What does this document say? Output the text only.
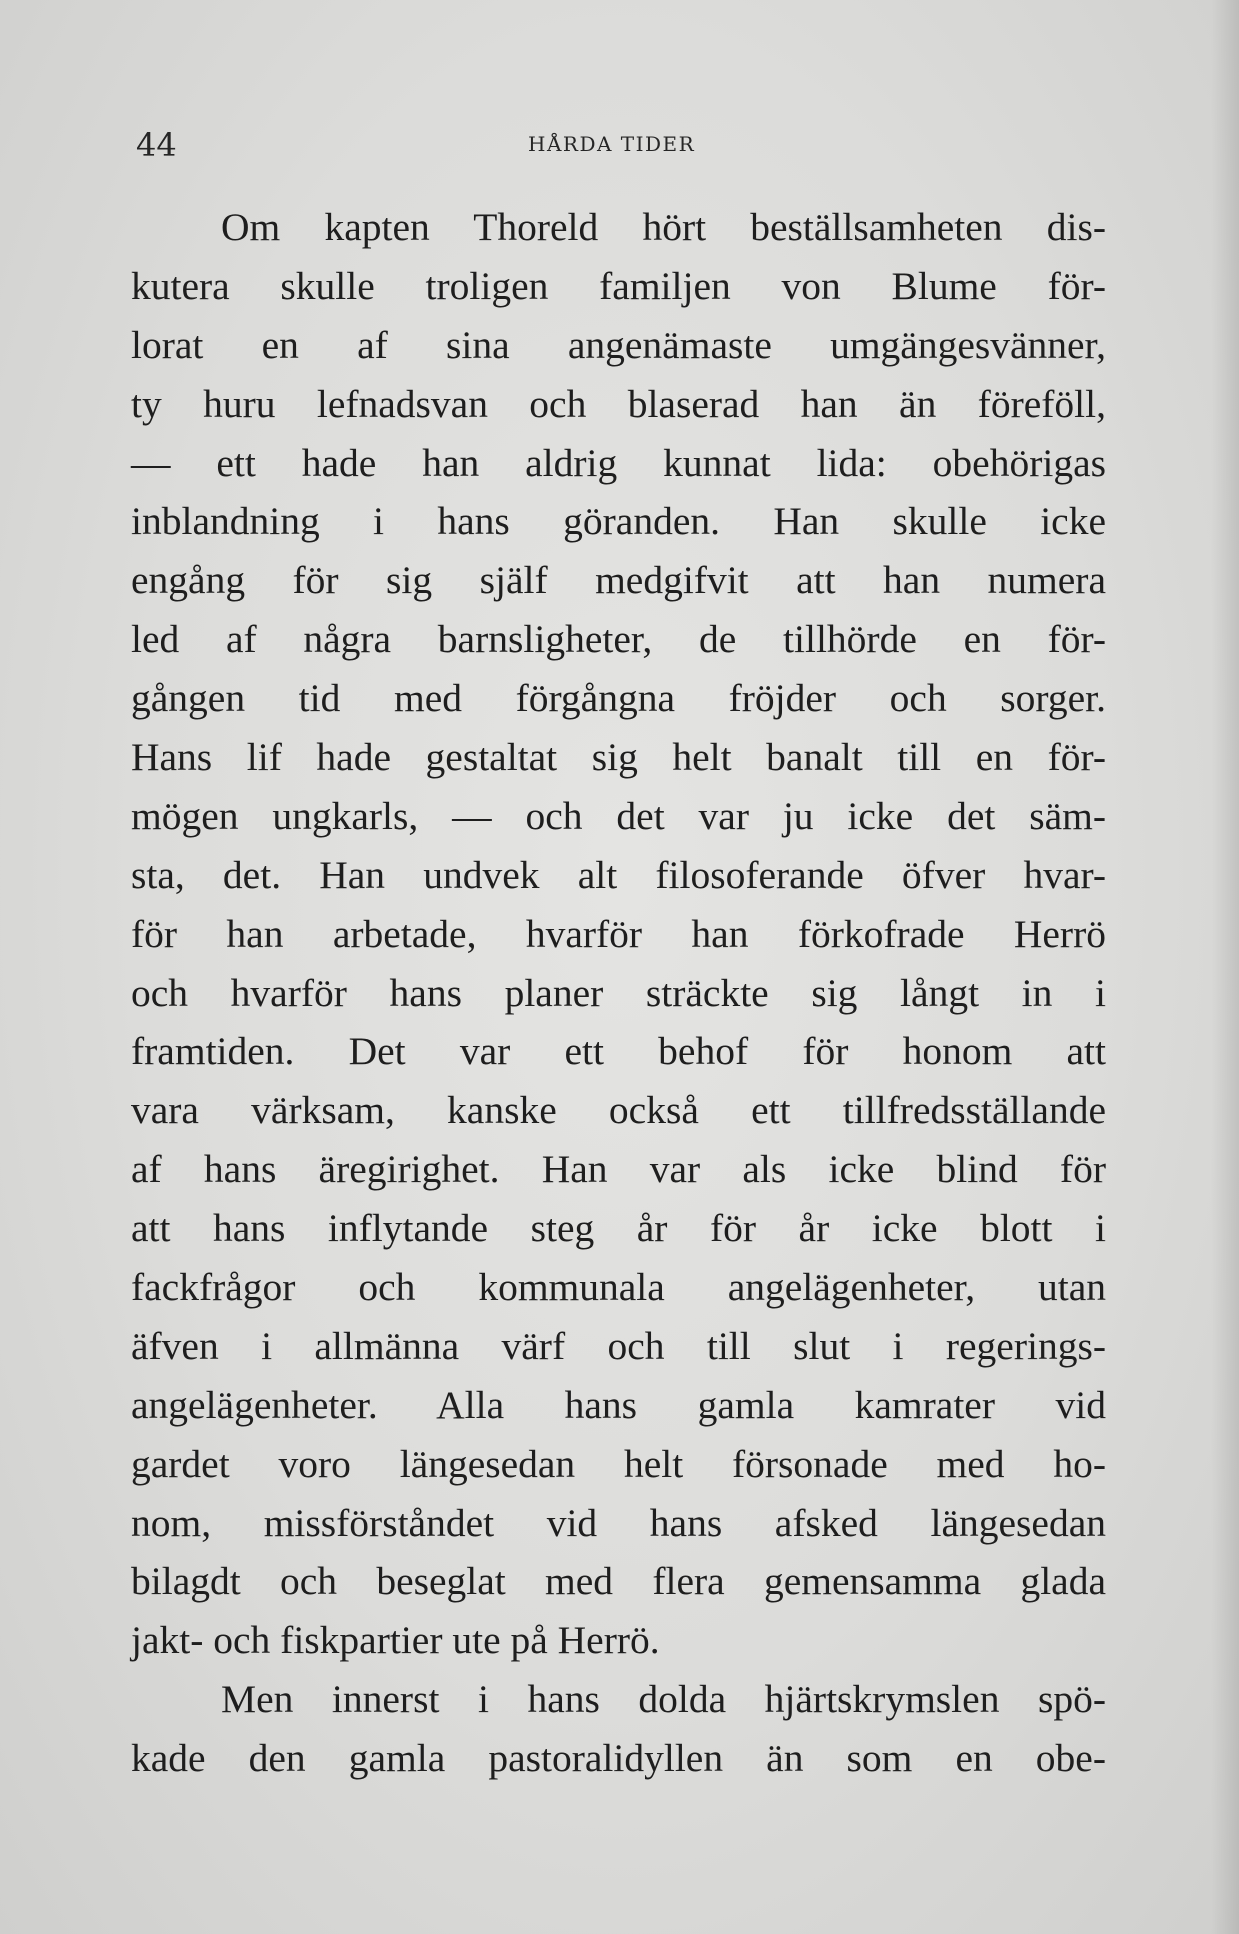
44	HÅRDA TIDER
Om kapten Thoreld hört beställsamheten dis-
kutera skulle troligen familjen von Blume för-
lorat en af sina angenämaste umgängesvänner,
ty huru lefnadsvan och blaserad han än föreföll,
— ett hade han aldrig kunnat lida: obehörigas
inblandning i hans göranden. Han skulle icke
engång för sig själf medgifvit att han numera
led af några barnsligheter, de tillhörde en för-
gången tid med förgångna fröjder och sorger.
Hans lif hade gestaltat sig helt banalt till en för-
mögen ungkarls, — och det var ju icke det säm-
sta, det. Han undvek alt filosoferande öfver hvar-
för han arbetade, hvarför han förkofrade Herrö
och hvarför hans planer sträckte sig långt in i
framtiden. Det var ett behof för honom att
vara värksam, kanske också ett tillfredsställande
af hans äregirighet. Han var als icke blind för
att hans inflytande steg år för år icke blott i
fackfrågor och kommunala angelägenheter, utan
äfven i allmänna värf och till slut i regerings-
angelägenheter. Alla hans gamla kamrater vid
gardet voro längesedan helt försonade med ho-
nom, missförståndet vid hans afsked längesedan
bilagdt och beseglat med flera gemensamma glada
jakt- och fiskpartier ute på Herrö.
Men innerst i hans dolda hjärtskrymslen spö-
kade den gamla pastoralidyllen än som en obe-
